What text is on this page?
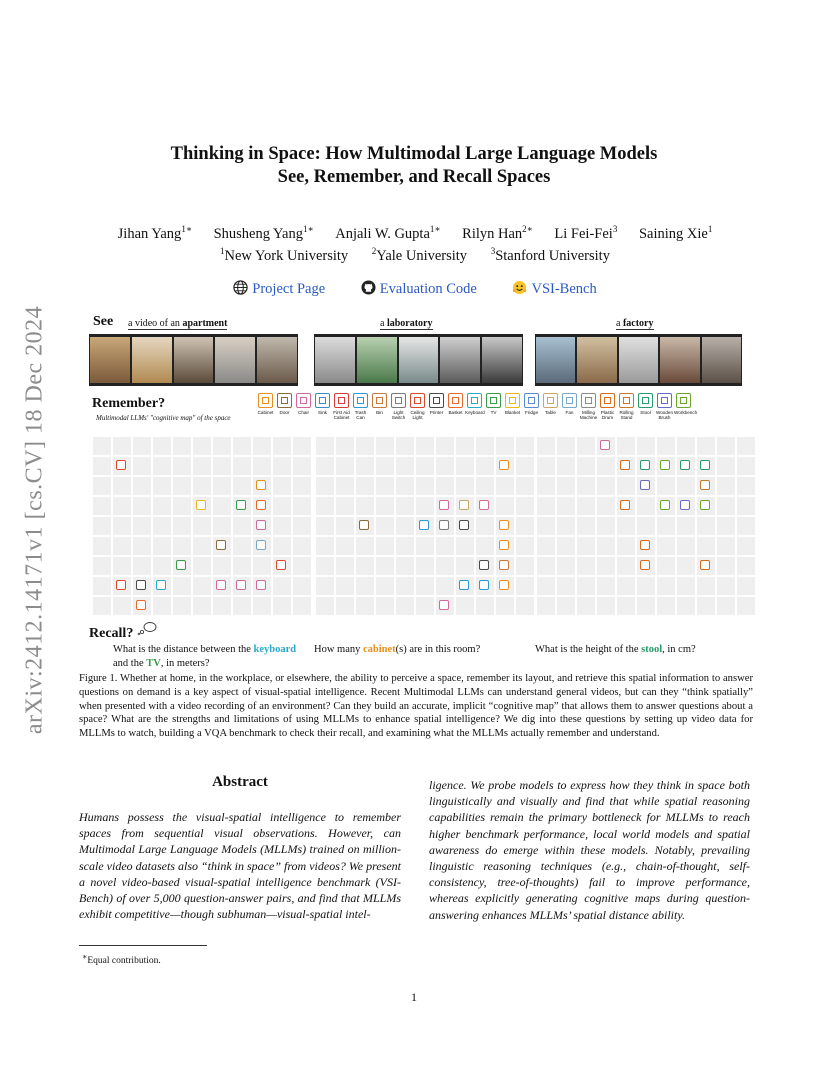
arXiv:2412.14171v1 [cs.CV] 18 Dec 2024
Thinking in Space: How Multimodal Large Language Models
See, Remember, and Recall Spaces
Jihan Yang$^{1∗}$ Shusheng Yang$^{1∗}$ Anjali W. Gupta$^{1∗}$ Rilyn Han$^{2∗}$ Li Fei-Fei$^3$ Saining Xie$^1$
$^1$New York University	$^2$Yale University	$^3$Stanford University
Project Page	Evaluation Code	VSI-Bench
See a video of an apartment	a laboratory	a factory
Remember?
Multimodal LLMs' "cognitive map" of the space
Cabinet	Door	Chair	Sink	First Aid
Cabinet
Trash
Can
Bin	Light
Switch
Ceiling
Light
Printer	Basket Keyboard	TV	Blanket	Fridge	Table	Fan	Milling
Machine
Plastic
Drum
Rolling
Stand
Stool	Wooden
Brush
Workbench
Recall?
What is the distance between the keyboard and the TV, in meters?
How many cabinet(s) are in this room?	What is the height of the stool, in cm?
Figure 1. Whether at home, in the workplace, or elsewhere, the ability to perceive a space, remember its layout, and retrieve this spatial information to answer questions on demand is a key aspect of visual-spatial intelligence. Recent Multimodal LLMs can understand general videos, but can they “think spatially” when presented with a video recording of an environment? Can they build an accurate, implicit “cognitive map” that allows them to answer questions about a space? What are the strengths and limitations of using MLLMs to enhance spatial intelligence? We dig into these questions by setting up video data for MLLMs to watch, building a VQA benchmark to check their recall, and examining what the MLLMs actually remember and understand.
Abstract
Humans possess the visual-spatial intelligence to remember spaces from sequential visual observations. However, can Multimodal Large Language Models (MLLMs) trained on million-scale video datasets also “think in space” from videos? We present a novel video-based visual-spatial intelligence benchmark (VSI-Bench) of over 5,000 question-answer pairs, and find that MLLMs exhibit competitive—though subhuman—visual-spatial intel-
ligence. We probe models to express how they think in space both linguistically and visually and find that while spatial reasoning capabilities remain the primary bottleneck for MLLMs to reach higher benchmark performance, local world models and spatial awareness do emerge within these models. Notably, prevailing linguistic reasoning techniques (e.g., chain-of-thought, self-consistency, tree-of-thoughts) fail to improve performance, whereas explicitly generating cognitive maps during question-answering enhances MLLMs’ spatial distance ability.
∗Equal contribution.
1
